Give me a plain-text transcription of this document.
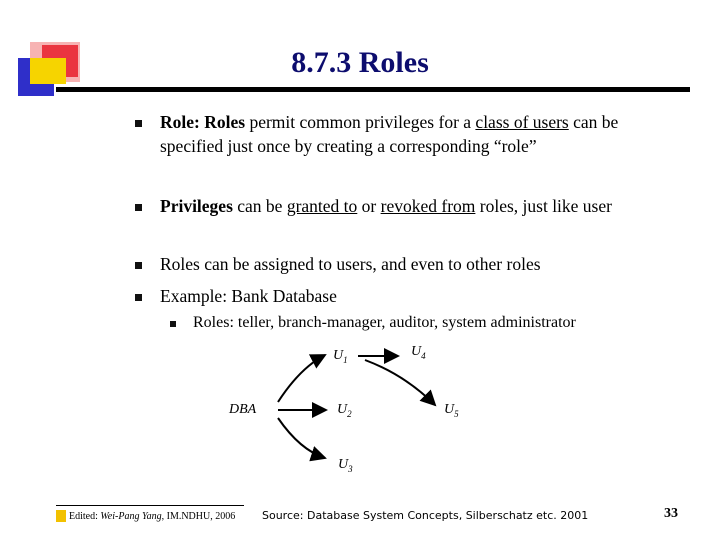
8.7.3 Roles
Role: Roles permit common privileges for a class of users can be specified just once by creating a corresponding “role”
Privileges can be granted to or revoked from roles, just like user
Roles can be assigned to users, and even to other roles
Example: Bank Database
Roles: teller, branch-manager, auditor, system administrator
DBA
$U_1$
$U_2$
$U_3$
$U_4$
$U_5$
Edited: Wei-Pang Yang, IM.NDHU, 2006 Source: Database System Concepts, Silberschatz etc. 2001	33
